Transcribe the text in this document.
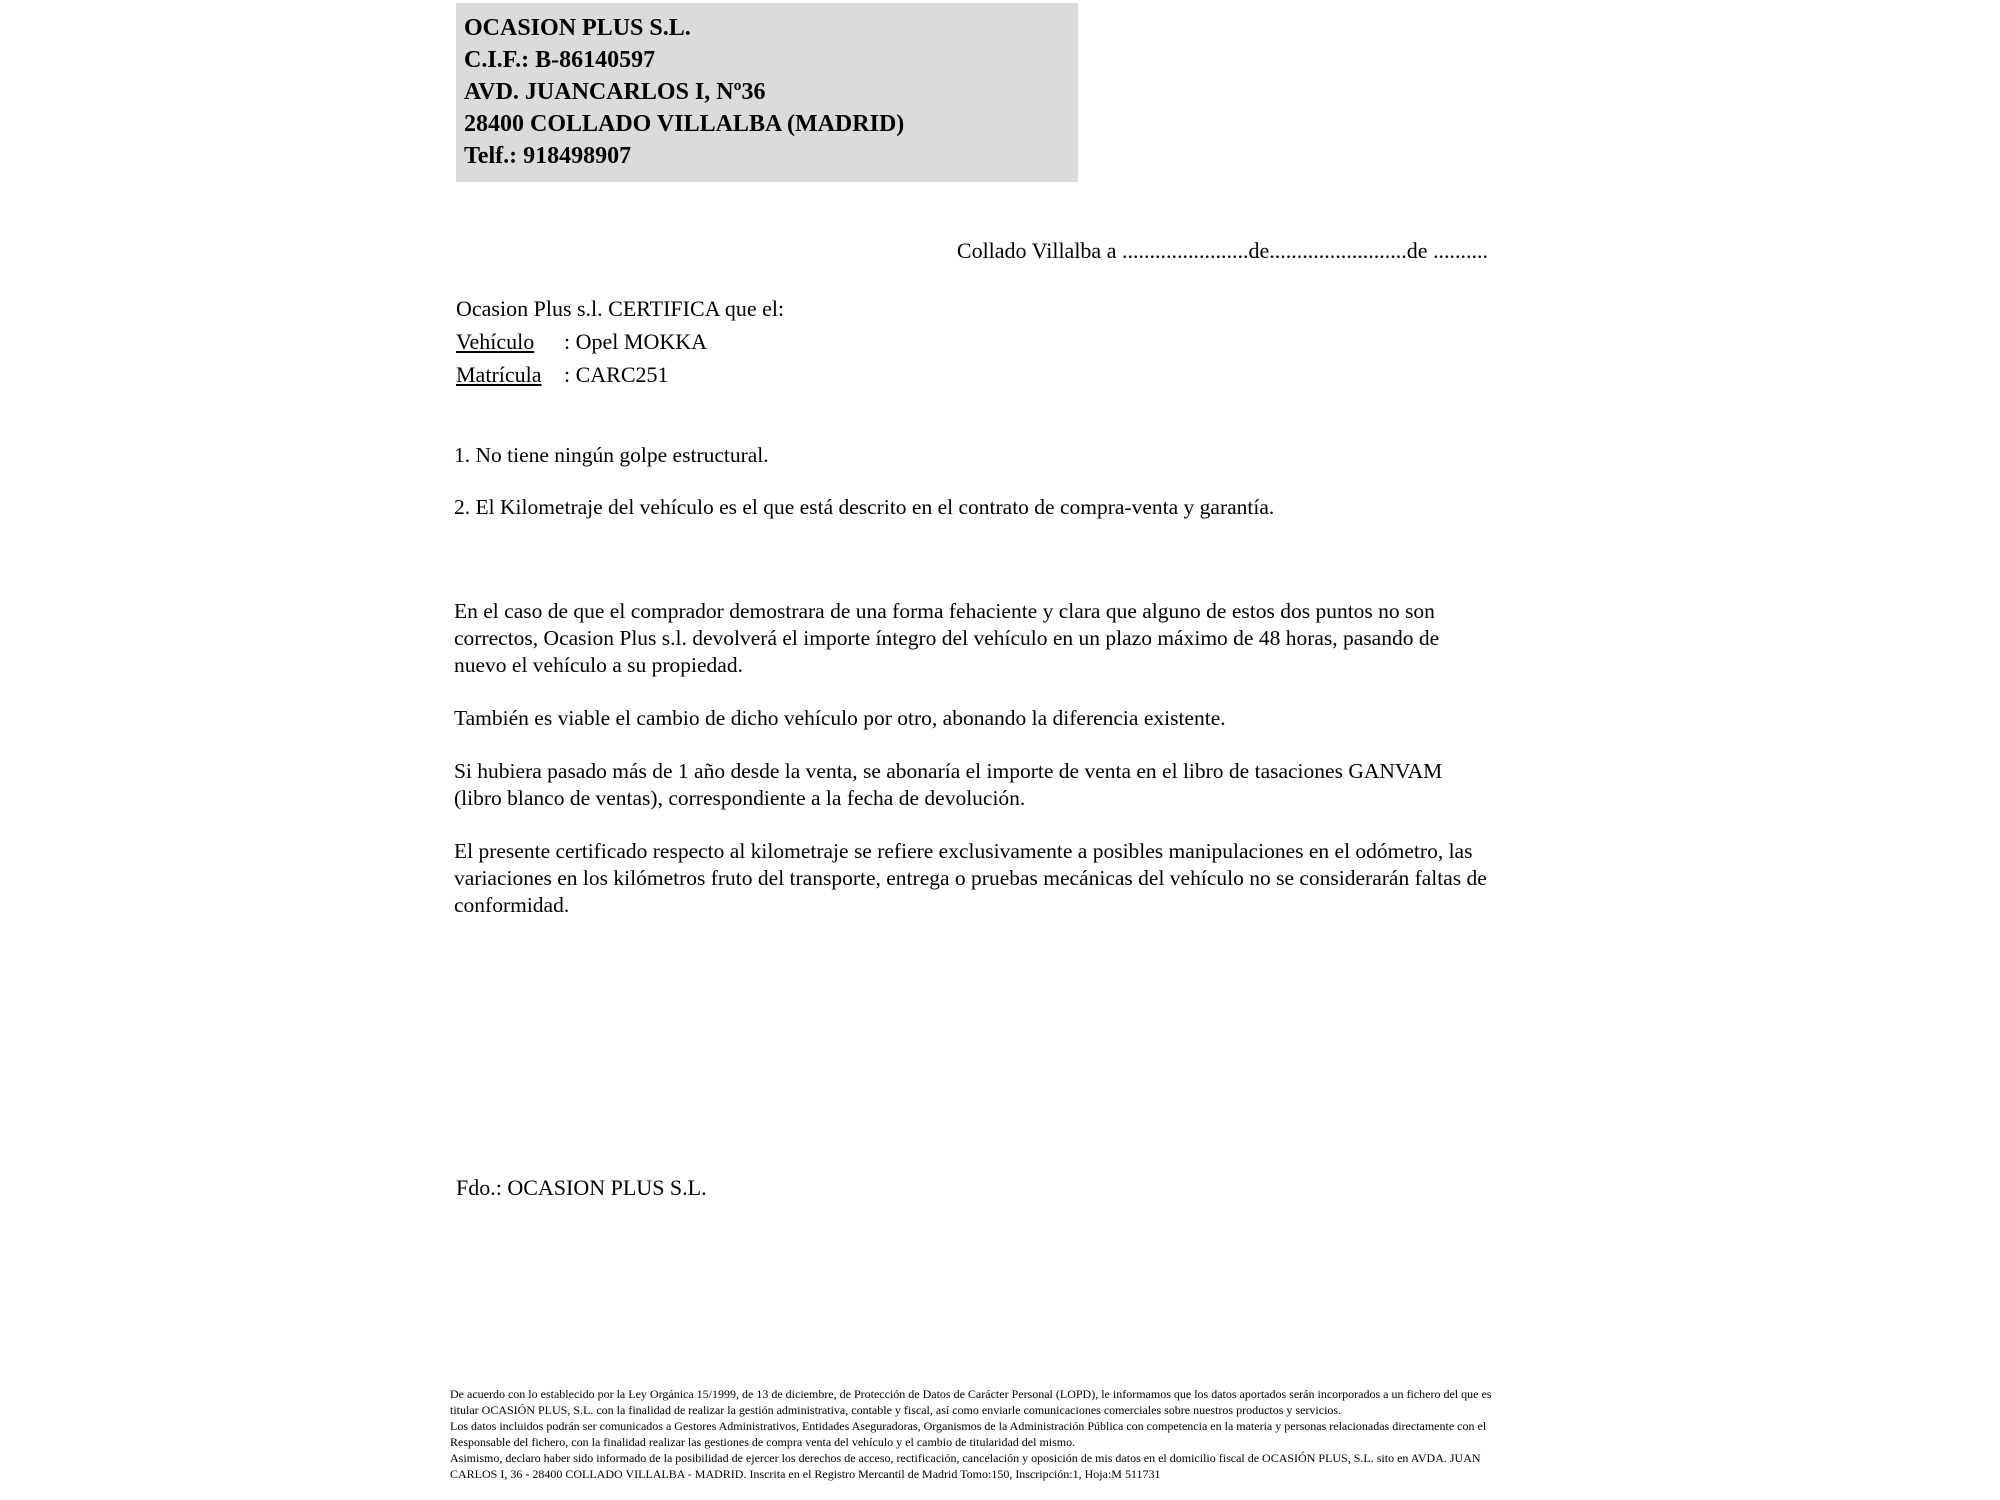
OCASION PLUS S.L.
C.I.F.: B-86140597
AVD. JUANCARLOS I, Nº36
28400 COLLADO VILLALBA (MADRID)
Telf.: 918498907
Collado Villalba a .......................de.........................de ..........
Ocasion Plus s.l. CERTIFICA que el:
Vehículo : Opel MOKKA
Matrícula : CARC251

1. No tiene ningún golpe estructural.

2. El Kilometraje del vehículo es el que está descrito en el contrato de compra-venta y garantía.

En el caso de que el comprador demostrara de una forma fehaciente y clara que alguno de estos dos puntos no son correctos, Ocasion Plus s.l. devolverá el importe íntegro del vehículo en un plazo máximo de 48 horas, pasando de nuevo el vehículo a su propiedad.

También es viable el cambio de dicho vehículo por otro, abonando la diferencia existente.

Si hubiera pasado más de 1 año desde la venta, se abonaría el importe de venta en el libro de tasaciones GANVAM (libro blanco de ventas), correspondiente a la fecha de devolución.

El presente certificado respecto al kilometraje se refiere exclusivamente a posibles manipulaciones en el odómetro, las variaciones en los kilómetros fruto del transporte, entrega o pruebas mecánicas del vehículo no se considerarán faltas de conformidad.

Fdo.: OCASION PLUS S.L.

De acuerdo con lo establecido por la Ley Orgánica 15/1999, de 13 de diciembre, de Protección de Datos de Carácter Personal (LOPD), le informamos que los datos aportados serán incorporados a un fichero del que es titular OCASIÓN PLUS, S.L. con la finalidad de realizar la gestión administrativa, contable y fiscal, así como enviarle comunicaciones comerciales sobre nuestros productos y servicios.

Los datos incluidos podrán ser comunicados a Gestores Administrativos, Entidades Aseguradoras, Organismos de la Administración Pública con competencia en la materia y personas relacionadas directamente con el Responsable del fichero, con la finalidad realizar las gestiones de compra venta del vehículo y el cambio de titularidad del mismo.

Asimismo, declaro haber sido informado de la posibilidad de ejercer los derechos de acceso, rectificación, cancelación y oposición de mis datos en el domicilio fiscal de OCASIÓN PLUS, S.L. sito en AVDA. JUAN CARLOS I, 36 - 28400 COLLADO VILLALBA - MADRID. Inscrita en el Registro Mercantil de Madrid Tomo:150, Inscripción:1, Hoja:M 511731
